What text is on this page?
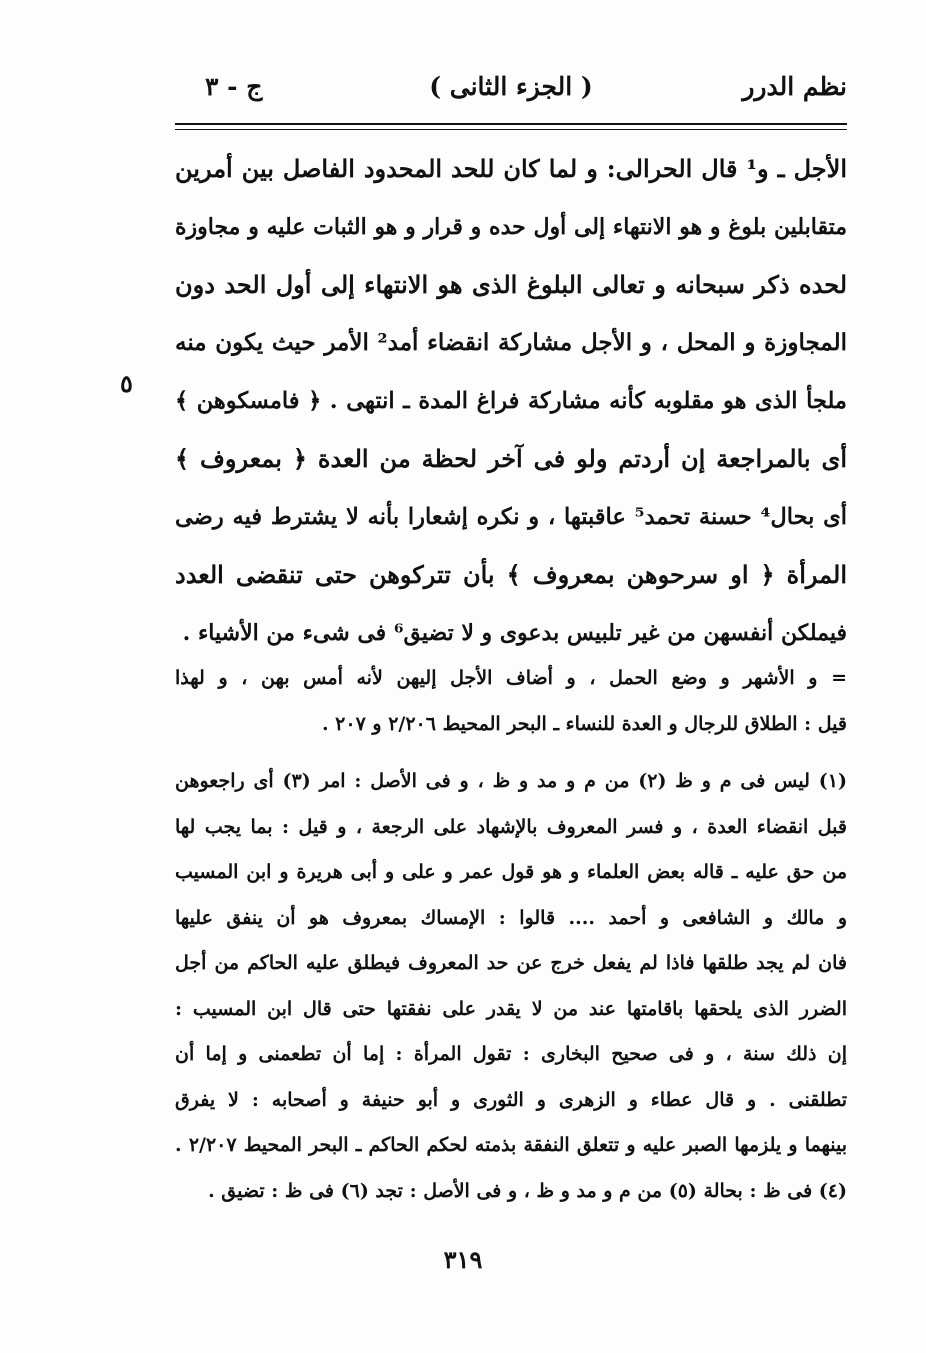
نظم الدرر
( الجزء الثانی )
ج - ٣
الأجل ـ و¹ قال الحرالی: و لما كان للحد المحدود الفاصل بين أمرين
متقابلين بلوغ و هو الانتهاء إلى أول حده و قرار و هو الثبات عليه و مجاوزة
لحده ذكر سبحانه و تعالى البلوغ الذی هو الانتهاء إلى أول الحد دون
المجاوزة و المحل ، و الأجل مشاركة انقضاء أمد² الأمر حيث يكون منه
ملجأ الذی هو مقلوبه كأنه مشاركة فراغ المدة ـ انتهی . ﴿ فامسكوهن ﴾
أی بالمراجعة إن أردتم ولو فی آخر لحظة من العدة ﴿ بمعروف ﴾
أی بحال⁴ حسنة تحمد⁵ عاقبتها ، و نكره إشعارا بأنه لا يشترط فيه رضی
المرأة ﴿ او سرحوهن بمعروف ﴾ بأن تتركوهن حتى تنقضی العدد
فيملكن أنفسهن من غير تلبيس بدعوى و لا تضيق⁶ فی شیء من الأشياء .
٥
= و الأشهر و وضع الحمل ، و أضاف الأجل إليهن لأنه أمس بهن ، و لهذا
قيل : الطلاق للرجال و العدة للنساء ـ البحر المحيط ٢/٢٠٦ و ٢٠٧ .
(١) ليس فی م و ظ (٢) من م و مد و ظ ، و فی الأصل : امر (٣) أی راجعوهن
قبل انقضاء العدة ، و فسر المعروف بالإشهاد على الرجعة ، و قيل : بما يجب لها
من حق عليه ـ قاله بعض العلماء و هو قول عمر و علی و أبی هريرة و ابن المسيب
و مالك و الشافعی و أحمد .... قالوا : الإمساك بمعروف هو أن ينفق عليها
فان لم يجد طلقها فاذا لم يفعل خرج عن حد المعروف فيطلق عليه الحاكم من أجل
الضرر الذی يلحقها باقامتها عند من لا يقدر على نفقتها حتى قال ابن المسيب :
إن ذلك سنة ، و فی صحيح البخاری : تقول المرأة : إما أن تطعمنی و إما أن
تطلقنی . و قال عطاء و الزهری و الثوری و أبو حنيفة و أصحابه : لا يفرق
بينهما و يلزمها الصبر عليه و تتعلق النفقة بذمته لحكم الحاكم ـ البحر المحيط ٢/٢٠٧ .
(٤) فی ظ : بحالة (٥) من م و مد و ظ ، و فی الأصل : تجد (٦) فی ظ : تضيق .
٣١٩
